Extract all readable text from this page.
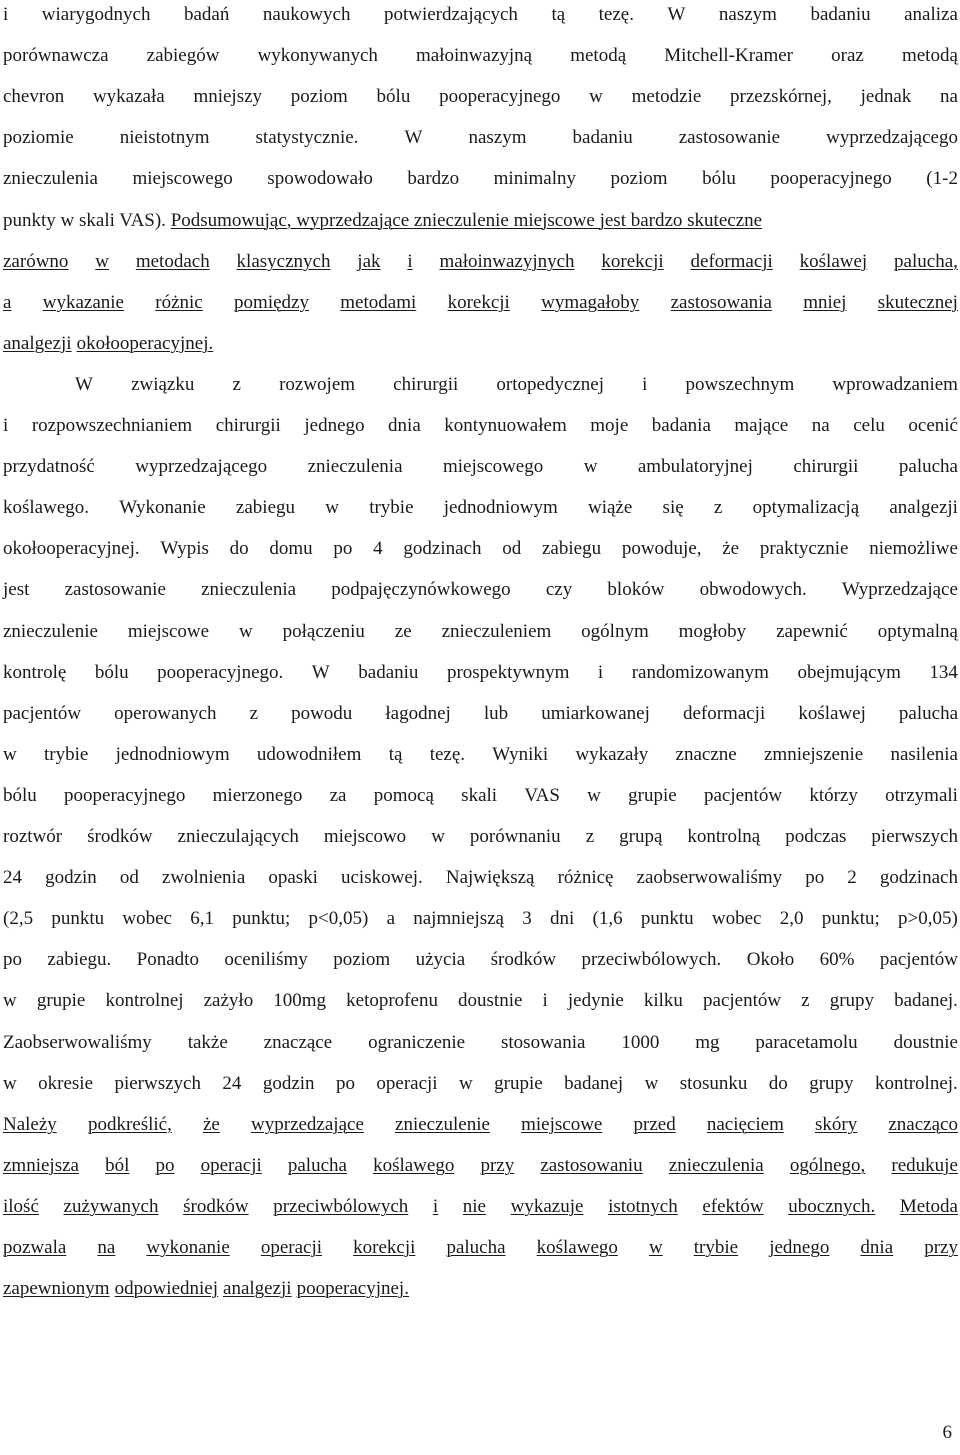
i wiarygodnych badań naukowych potwierdzających tą tezę. W naszym badaniu analiza
porównawcza zabiegów wykonywanych małoinwazyjną metodą Mitchell-Kramer oraz metodą
chevron wykazała mniejszy poziom bólu pooperacyjnego w metodzie przezskórnej, jednak na
poziomie nieistotnym statystycznie. W naszym badaniu zastosowanie wyprzedzającego
znieczulenia miejscowego spowodowało bardzo minimalny poziom bólu pooperacyjnego (1-2
punkty w skali VAS). Podsumowując, wyprzedzające znieczulenie miejscowe jest bardzo skuteczne
zarówno w metodach klasycznych jak i małoinwazyjnych korekcji deformacji koślawej palucha,
a wykazanie różnic pomiędzy metodami korekcji wymagałoby zastosowania mniej skutecznej
analgezji okołooperacyjnej.
W związku z rozwojem chirurgii ortopedycznej i powszechnym wprowadzaniem
i rozpowszechnianiem chirurgii jednego dnia kontynuowałem moje badania mające na celu ocenić
przydatność wyprzedzającego znieczulenia miejscowego w ambulatoryjnej chirurgii palucha
koślawego. Wykonanie zabiegu w trybie jednodniowym wiąże się z optymalizacją analgezji
okołooperacyjnej. Wypis do domu po 4 godzinach od zabiegu powoduje, że praktycznie niemożliwe
jest zastosowanie znieczulenia podpajęczynówkowego czy bloków obwodowych. Wyprzedzające
znieczulenie miejscowe w połączeniu ze znieczuleniem ogólnym mogłoby zapewnić optymalną
kontrolę bólu pooperacyjnego. W badaniu prospektywnym i randomizowanym obejmującym 134
pacjentów operowanych z powodu łagodnej lub umiarkowanej deformacji koślawej palucha
w trybie jednodniowym udowodniłem tą tezę. Wyniki wykazały znaczne zmniejszenie nasilenia
bólu pooperacyjnego mierzonego za pomocą skali VAS w grupie pacjentów którzy otrzymali
roztwór środków znieczulających miejscowo w porównaniu z grupą kontrolną podczas pierwszych
24 godzin od zwolnienia opaski uciskowej. Największą różnicę zaobserwowaliśmy po 2 godzinach
(2,5 punktu wobec 6,1 punktu; p<0,05) a najmniejszą 3 dni (1,6 punktu wobec 2,0 punktu; p>0,05)
po zabiegu. Ponadto oceniliśmy poziom użycia środków przeciwbólowych. Około 60% pacjentów
w grupie kontrolnej zażyło 100mg ketoprofenu doustnie i jedynie kilku pacjentów z grupy badanej.
Zaobserwowaliśmy także znaczące ograniczenie stosowania 1000 mg paracetamolu doustnie
w okresie pierwszych 24 godzin po operacji w grupie badanej w stosunku do grupy kontrolnej.
Należy podkreślić, że wyprzedzające znieczulenie miejscowe przed nacięciem skóry znacząco
zmniejsza ból po operacji palucha koślawego przy zastosowaniu znieczulenia ogólnego, redukuje
ilość zużywanych środków przeciwbólowych i nie wykazuje istotnych efektów ubocznych. Metoda
pozwala na wykonanie operacji korekcji palucha koślawego w trybie jednego dnia przy
zapewnionym odpowiedniej analgezji pooperacyjnej.
6
